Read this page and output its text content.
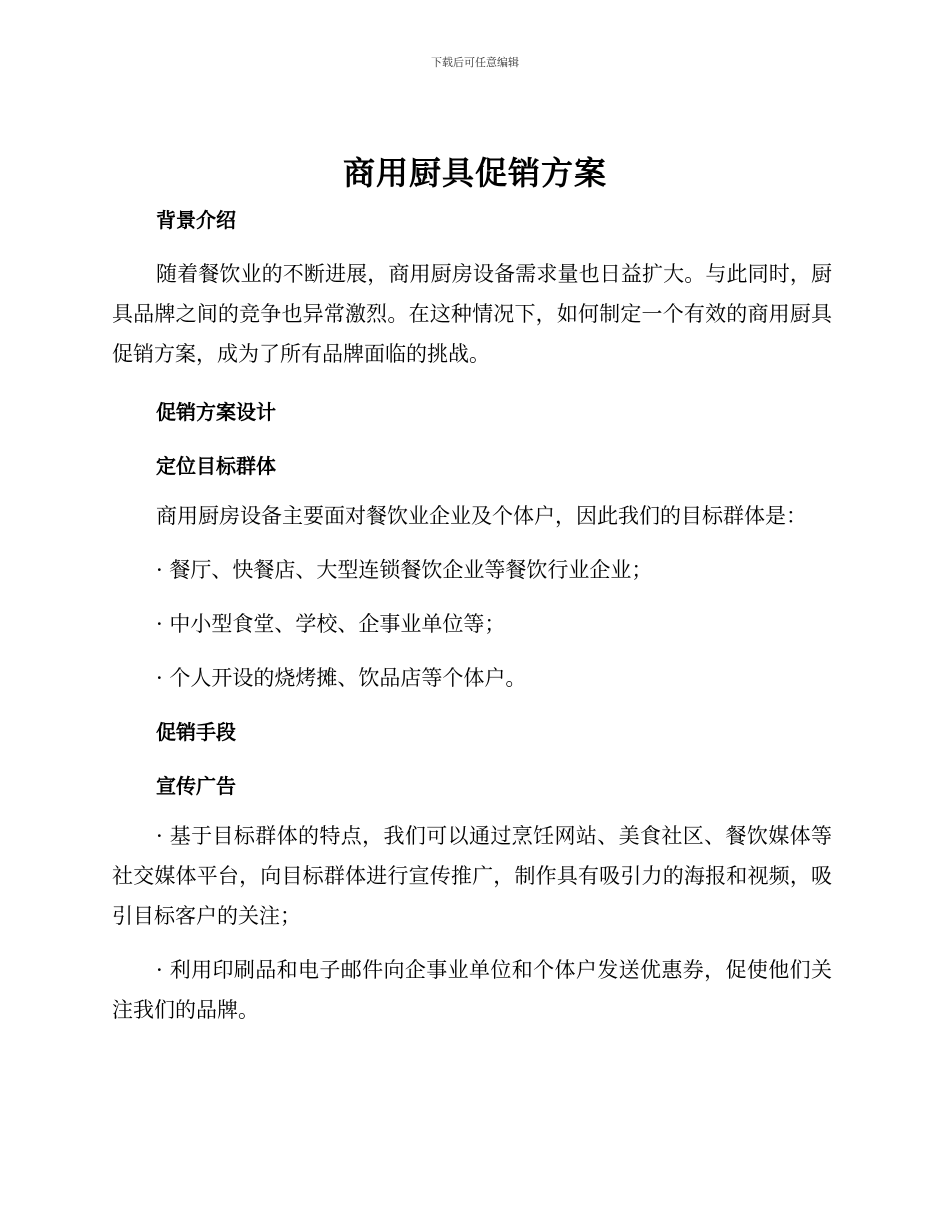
下载后可任意编辑
商用厨具促销方案

背景介绍

随着餐饮业的不断进展，商用厨房设备需求量也日益扩大。与此同时，厨具品牌之间的竞争也异常激烈。在这种情况下，如何制定一个有效的商用厨具促销方案，成为了所有品牌面临的挑战。

促销方案设计

定位目标群体

商用厨房设备主要面对餐饮业企业及个体户，因此我们的目标群体是：

· 餐厅、快餐店、大型连锁餐饮企业等餐饮行业企业；

· 中小型食堂、学校、企事业单位等；

· 个人开设的烧烤摊、饮品店等个体户。

促销手段

宣传广告

· 基于目标群体的特点，我们可以通过烹饪网站、美食社区、餐饮媒体等社交媒体平台，向目标群体进行宣传推广，制作具有吸引力的海报和视频，吸引目标客户的关注；

· 利用印刷品和电子邮件向企事业单位和个体户发送优惠券，促使他们关注我们的品牌。
